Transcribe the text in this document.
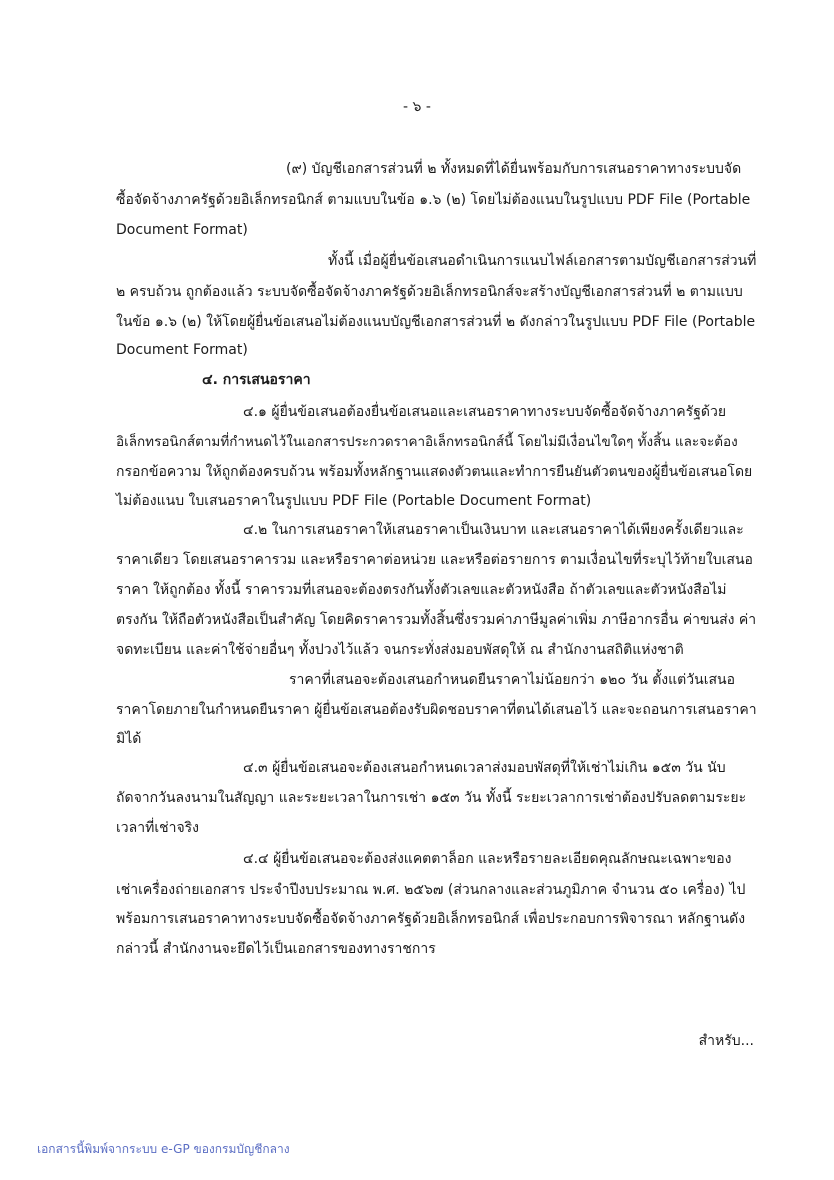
- ๖ -
(๙) บัญชีเอกสารส่วนที่ ๒ ทั้งหมดที่ได้ยื่นพร้อมกับการเสนอราคาทางระบบจัด
ซื้อจัดจ้างภาครัฐด้วยอิเล็กทรอนิกส์ ตามแบบในข้อ ๑.๖ (๒) โดยไม่ต้องแนบในรูปแบบ PDF File (Portable
Document Format)
ทั้งนี้ เมื่อผู้ยื่นข้อเสนอดำเนินการแนบไฟล์เอกสารตามบัญชีเอกสารส่วนที่
๒ ครบถ้วน ถูกต้องแล้ว ระบบจัดซื้อจัดจ้างภาครัฐด้วยอิเล็กทรอนิกส์จะสร้างบัญชีเอกสารส่วนที่ ๒ ตามแบบ
ในข้อ ๑.๖ (๒) ให้โดยผู้ยื่นข้อเสนอไม่ต้องแนบบัญชีเอกสารส่วนที่ ๒ ดังกล่าวในรูปแบบ PDF File (Portable
Document Format)
๔. การเสนอราคา
๔.๑ ผู้ยื่นข้อเสนอต้องยื่นข้อเสนอและเสนอราคาทางระบบจัดซื้อจัดจ้างภาครัฐด้วย
อิเล็กทรอนิกส์ตามที่กำหนดไว้ในเอกสารประกวดราคาอิเล็กทรอนิกส์นี้ โดยไม่มีเงื่อนไขใดๆ ทั้งสิ้น และจะต้อง
กรอกข้อความ ให้ถูกต้องครบถ้วน พร้อมทั้งหลักฐานแสดงตัวตนและทำการยืนยันตัวตนของผู้ยื่นข้อเสนอโดย
ไม่ต้องแนบ ใบเสนอราคาในรูปแบบ PDF File (Portable Document Format)
๔.๒ ในการเสนอราคาให้เสนอราคาเป็นเงินบาท และเสนอราคาได้เพียงครั้งเดียวและ
ราคาเดียว โดยเสนอราคารวม และหรือราคาต่อหน่วย และหรือต่อรายการ ตามเงื่อนไขที่ระบุไว้ท้ายใบเสนอ
ราคา ให้ถูกต้อง ทั้งนี้ ราคารวมที่เสนอจะต้องตรงกันทั้งตัวเลขและตัวหนังสือ ถ้าตัวเลขและตัวหนังสือไม่
ตรงกัน ให้ถือตัวหนังสือเป็นสำคัญ โดยคิดราคารวมทั้งสิ้นซึ่งรวมค่าภาษีมูลค่าเพิ่ม ภาษีอากรอื่น ค่าขนส่ง ค่า
จดทะเบียน และค่าใช้จ่ายอื่นๆ ทั้งปวงไว้แล้ว จนกระทั่งส่งมอบพัสดุให้ ณ สำนักงานสถิติแห่งชาติ
ราคาที่เสนอจะต้องเสนอกำหนดยืนราคาไม่น้อยกว่า ๑๒๐ วัน ตั้งแต่วันเสนอ
ราคาโดยภายในกำหนดยืนราคา ผู้ยื่นข้อเสนอต้องรับผิดชอบราคาที่ตนได้เสนอไว้ และจะถอนการเสนอราคา
มิได้
๔.๓ ผู้ยื่นข้อเสนอจะต้องเสนอกำหนดเวลาส่งมอบพัสดุที่ให้เช่าไม่เกิน ๑๕๓ วัน นับ
ถัดจากวันลงนามในสัญญา และระยะเวลาในการเช่า ๑๕๓ วัน ทั้งนี้ ระยะเวลาการเช่าต้องปรับลดตามระยะ
เวลาที่เช่าจริง
๔.๔ ผู้ยื่นข้อเสนอจะต้องส่งแคตตาล็อก และหรือรายละเอียดคุณลักษณะเฉพาะของ
เช่าเครื่องถ่ายเอกสาร ประจำปีงบประมาณ พ.ศ. ๒๕๖๗ (ส่วนกลางและส่วนภูมิภาค จำนวน ๕๐ เครื่อง) ไป
พร้อมการเสนอราคาทางระบบจัดซื้อจัดจ้างภาครัฐด้วยอิเล็กทรอนิกส์ เพื่อประกอบการพิจารณา หลักฐานดัง
กล่าวนี้ สำนักงานจะยึดไว้เป็นเอกสารของทางราชการ
สำหรับ...
เอกสารนี้พิมพ์จากระบบ e-GP ของกรมบัญชีกลาง
